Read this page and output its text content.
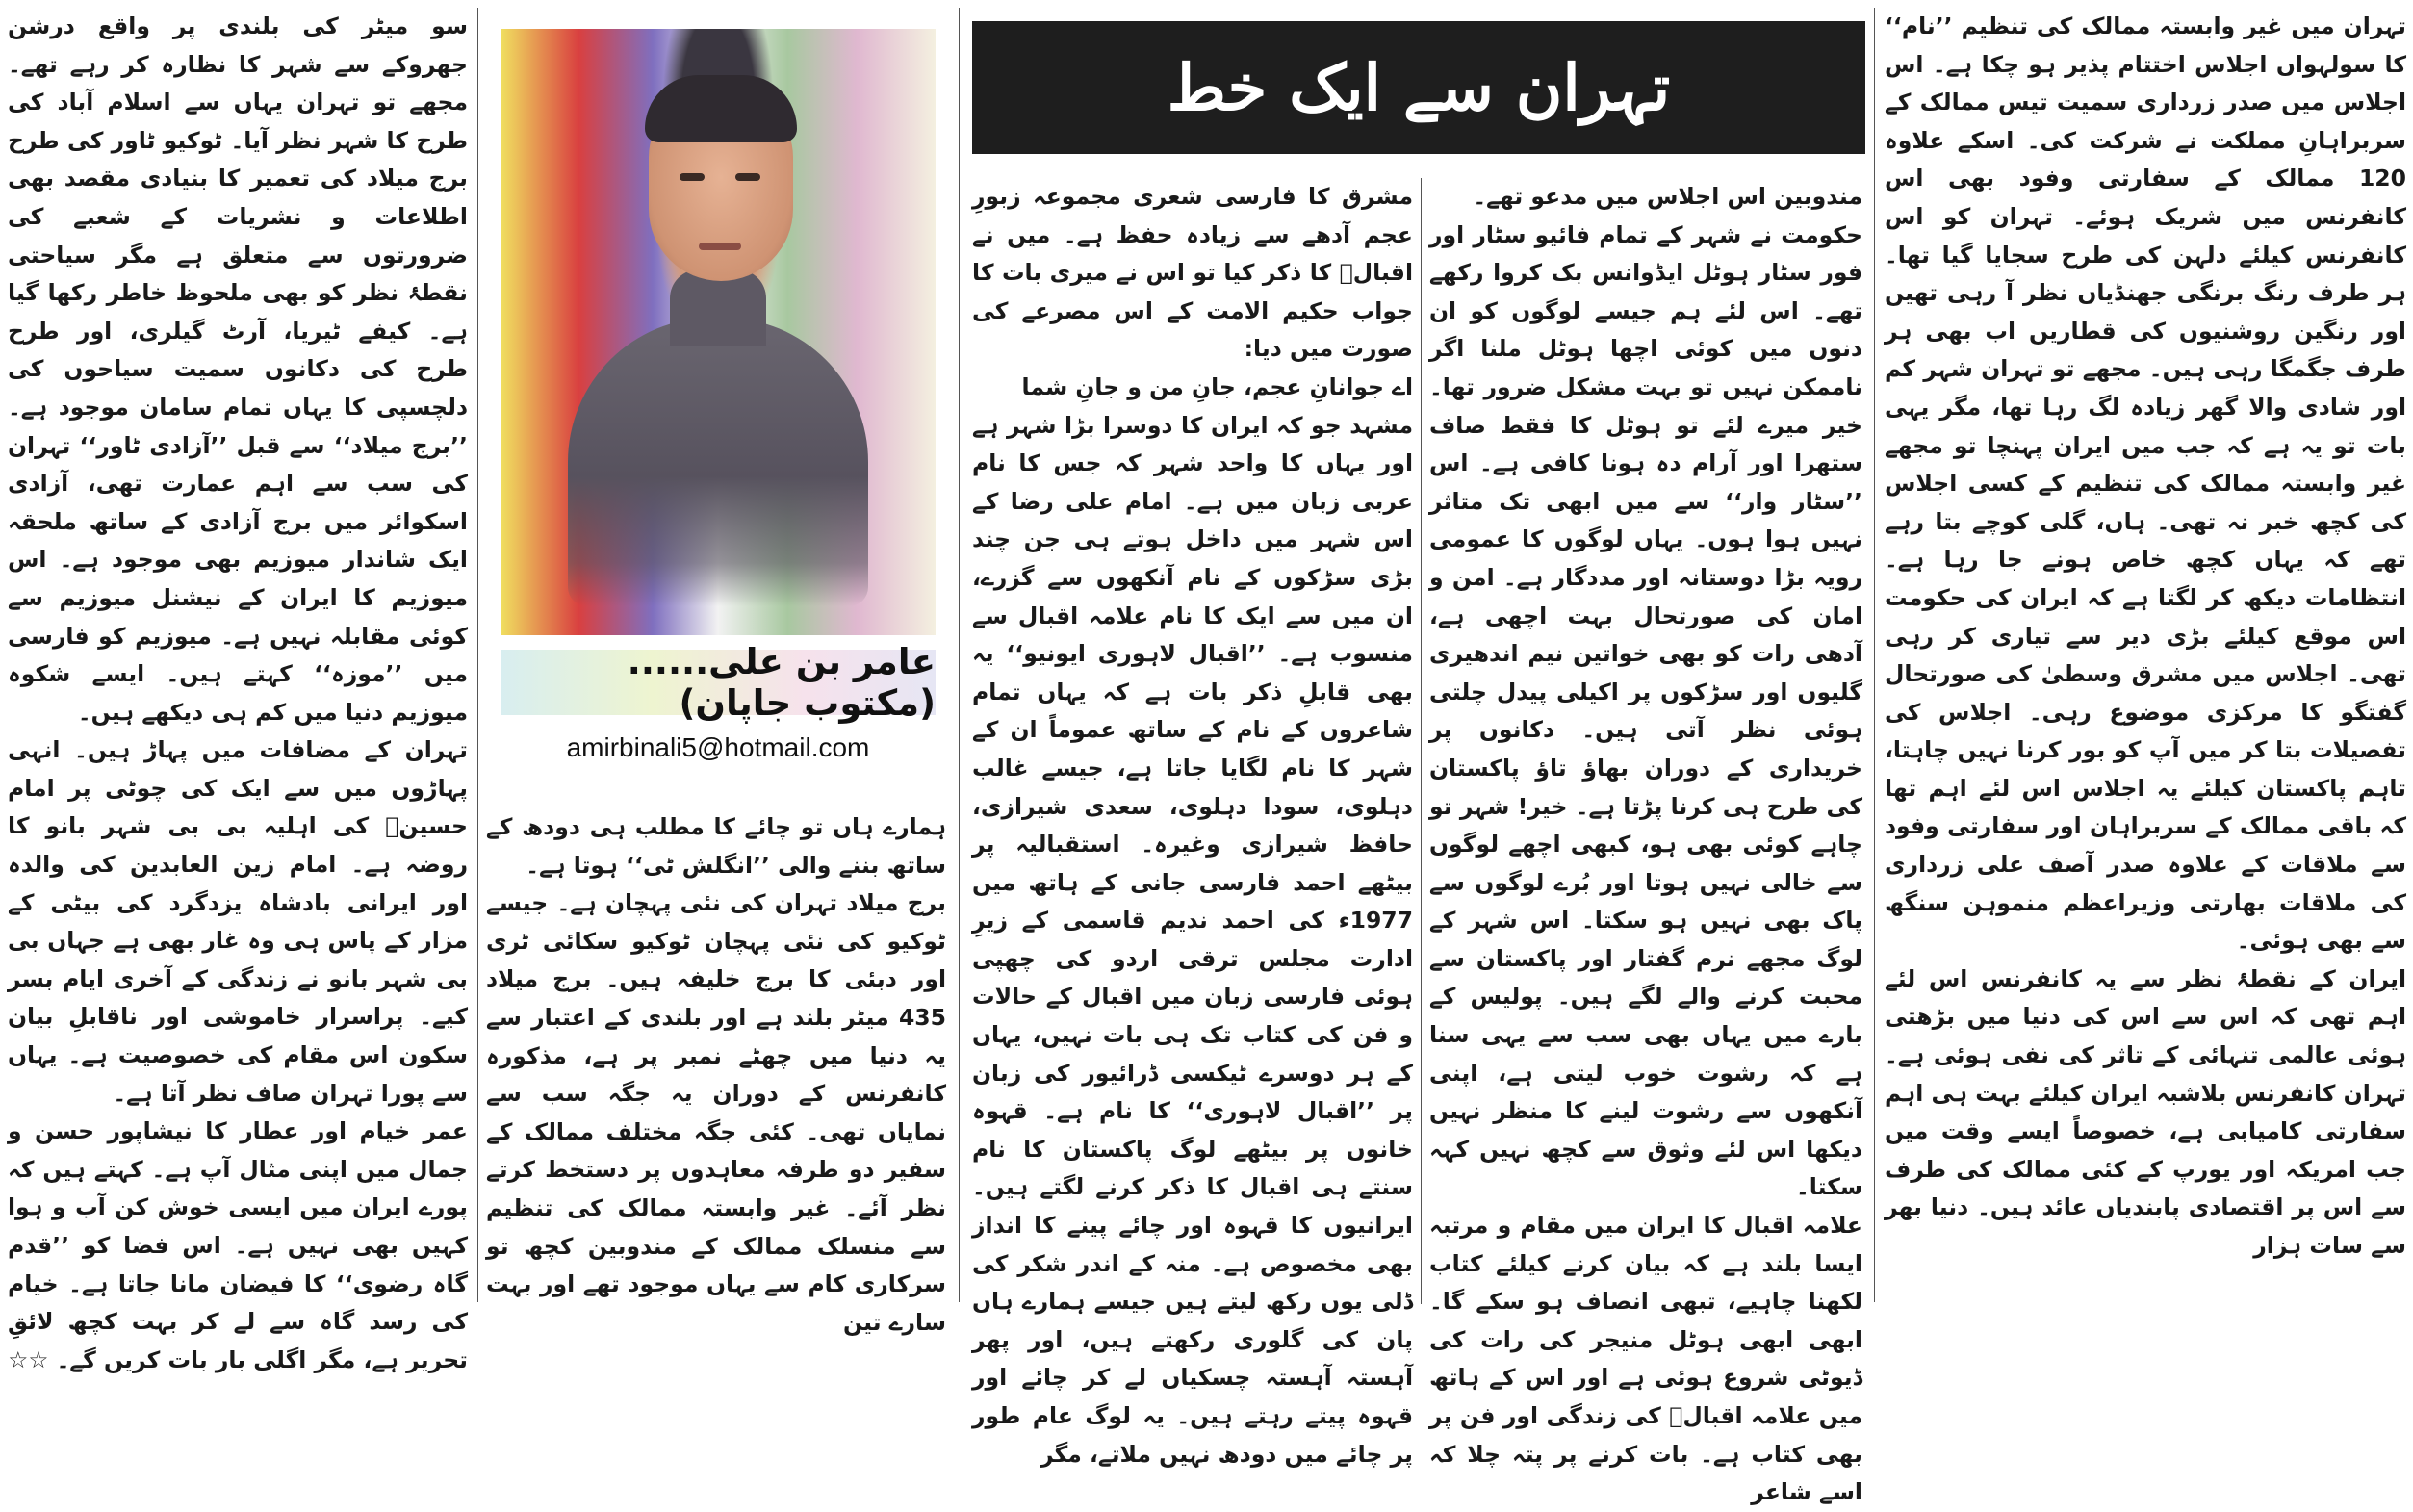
تہران میں غیر وابستہ ممالک کی تنظیم ’’نام‘‘ کا سولہواں اجلاس اختتام پذیر ہو چکا ہے۔ اس اجلاس میں صدر زرداری سمیت تیس ممالک کے سربراہانِ مملکت نے شرکت کی۔ اسکے علاوہ 120 ممالک کے سفارتی وفود بھی اس کانفرنس میں شریک ہوئے۔ تہران کو اس کانفرنس کیلئے دلہن کی طرح سجایا گیا تھا۔ ہر طرف رنگ برنگی جھنڈیاں نظر آ رہی تھیں اور رنگین روشنیوں کی قطاریں اب بھی ہر طرف جگمگا رہی ہیں۔ مجھے تو تہران شہر کم اور شادی والا گھر زیادہ لگ رہا تھا، مگر یہی بات تو یہ ہے کہ جب میں ایران پہنچا تو مجھے غیر وابستہ ممالک کی تنظیم کے کسی اجلاس کی کچھ خبر نہ تھی۔ ہاں، گلی کوچے بتا رہے تھے کہ یہاں کچھ خاص ہونے جا رہا ہے۔ انتظامات دیکھ کر لگتا ہے کہ ایران کی حکومت اس موقع کیلئے بڑی دیر سے تیاری کر رہی تھی۔ اجلاس میں مشرق وسطیٰ کی صورتحال گفتگو کا مرکزی موضوع رہی۔ اجلاس کی تفصیلات بتا کر میں آپ کو بور کرنا نہیں چاہتا، تاہم پاکستان کیلئے یہ اجلاس اس لئے اہم تھا کہ باقی ممالک کے سربراہان اور سفارتی وفود سے ملاقات کے علاوہ صدر آصف علی زرداری کی ملاقات بھارتی وزیراعظم منموہن سنگھ سے بھی ہوئی۔
ایران کے نقطۂ نظر سے یہ کانفرنس اس لئے اہم تھی کہ اس سے اس کی دنیا میں بڑھتی ہوئی عالمی تنہائی کے تاثر کی نفی ہوئی ہے۔ تہران کانفرنس بلاشبہ ایران کیلئے بہت ہی اہم سفارتی کامیابی ہے، خصوصاً ایسے وقت میں جب امریکہ اور یورپ کے کئی ممالک کی طرف سے اس پر اقتصادی پابندیاں عائد ہیں۔ دنیا بھر سے سات ہزار
تہران سے ایک خط
مندوبین اس اجلاس میں مدعو تھے۔
حکومت نے شہر کے تمام فائیو سٹار اور فور سٹار ہوٹل ایڈوانس بک کروا رکھے تھے۔ اس لئے ہم جیسے لوگوں کو ان دنوں میں کوئی اچھا ہوٹل ملنا اگر ناممکن نہیں تو بہت مشکل ضرور تھا۔ خیر میرے لئے تو ہوٹل کا فقط صاف ستھرا اور آرام دہ ہونا کافی ہے۔ اس ’’سٹار وار‘‘ سے میں ابھی تک متاثر نہیں ہوا ہوں۔ یہاں لوگوں کا عمومی رویہ بڑا دوستانہ اور مددگار ہے۔ امن و امان کی صورتحال بہت اچھی ہے، آدھی رات کو بھی خواتین نیم اندھیری گلیوں اور سڑکوں پر اکیلی پیدل چلتی ہوئی نظر آتی ہیں۔ دکانوں پر خریداری کے دوران بھاؤ تاؤ پاکستان کی طرح ہی کرنا پڑتا ہے۔ خیر! شہر تو چاہے کوئی بھی ہو، کبھی اچھے لوگوں سے خالی نہیں ہوتا اور بُرے لوگوں سے پاک بھی نہیں ہو سکتا۔ اس شہر کے لوگ مجھے نرم گفتار اور پاکستان سے محبت کرنے والے لگے ہیں۔ پولیس کے بارے میں یہاں بھی سب سے یہی سنا ہے کہ رشوت خوب لیتی ہے، اپنی آنکھوں سے رشوت لینے کا منظر نہیں دیکھا اس لئے وثوق سے کچھ نہیں کہہ سکتا۔
علامہ اقبال کا ایران میں مقام و مرتبہ ایسا بلند ہے کہ بیان کرنے کیلئے کتاب لکھنا چاہیے، تبھی انصاف ہو سکے گا۔ ابھی ابھی ہوٹل منیجر کی رات کی ڈیوٹی شروع ہوئی ہے اور اس کے ہاتھ میں علامہ اقبالؒ کی زندگی اور فن پر بھی کتاب ہے۔ بات کرنے پر پتہ چلا کہ اسے شاعر
مشرق کا فارسی شعری مجموعہ زبورِ عجم آدھے سے زیادہ حفظ ہے۔ میں نے اقبالؒ کا ذکر کیا تو اس نے میری بات کا جواب حکیم الامت کے اس مصرعے کی صورت میں دیا:
اے جوانانِ عجم، جانِ من و جانِ شما
مشہد جو کہ ایران کا دوسرا بڑا شہر ہے اور یہاں کا واحد شہر کہ جس کا نام عربی زبان میں ہے۔ امام علی رضا کے اس شہر میں داخل ہوتے ہی جن چند بڑی سڑکوں کے نام آنکھوں سے گزرے، ان میں سے ایک کا نام علامہ اقبال سے منسوب ہے۔ ’’اقبال لاہوری ایونیو‘‘ یہ بھی قابلِ ذکر بات ہے کہ یہاں تمام شاعروں کے نام کے ساتھ عموماً ان کے شہر کا نام لگایا جاتا ہے، جیسے غالب دہلوی، سودا دہلوی، سعدی شیرازی، حافظ شیرازی وغیرہ۔ استقبالیہ پر بیٹھے احمد فارسی جانی کے ہاتھ میں 1977ء کی احمد ندیم قاسمی کے زیرِ ادارت مجلس ترقی اردو کی چھپی ہوئی فارسی زبان میں اقبال کے حالات و فن کی کتاب تک ہی بات نہیں، یہاں کے ہر دوسرے ٹیکسی ڈرائیور کی زبان پر ’’اقبال لاہوری‘‘ کا نام ہے۔ قہوہ خانوں پر بیٹھے لوگ پاکستان کا نام سنتے ہی اقبال کا ذکر کرنے لگتے ہیں۔ ایرانیوں کا قہوہ اور چائے پینے کا انداز بھی مخصوص ہے۔ منہ کے اندر شکر کی ڈلی یوں رکھ لیتے ہیں جیسے ہمارے ہاں پان کی گلوری رکھتے ہیں، اور پھر آہستہ آہستہ چسکیاں لے کر چائے اور قہوہ پیتے رہتے ہیں۔ یہ لوگ عام طور پر چائے میں دودھ نہیں ملاتے، مگر
عامر بن علی......(مکتوب جاپان)
amirbinali5@hotmail.com
ہمارے ہاں تو چائے کا مطلب ہی دودھ کے ساتھ بننے والی ’’انگلش ٹی‘‘ ہوتا ہے۔
برج میلاد تہران کی نئی پہچان ہے۔ جیسے ٹوکیو کی نئی پہچان ٹوکیو سکائی ٹری اور دبئی کا برج خلیفہ ہیں۔ برج میلاد 435 میٹر بلند ہے اور بلندی کے اعتبار سے یہ دنیا میں چھٹے نمبر پر ہے، مذکورہ کانفرنس کے دوران یہ جگہ سب سے نمایاں تھی۔ کئی جگہ مختلف ممالک کے سفیر دو طرفہ معاہدوں پر دستخط کرتے نظر آئے۔ غیر وابستہ ممالک کی تنظیم سے منسلک ممالک کے مندوبین کچھ تو سرکاری کام سے یہاں موجود تھے اور بہت سارے تین
سو میٹر کی بلندی پر واقع درشن جھروکے سے شہر کا نظارہ کر رہے تھے۔ مجھے تو تہران یہاں سے اسلام آباد کی طرح کا شہر نظر آیا۔ ٹوکیو ٹاور کی طرح برج میلاد کی تعمیر کا بنیادی مقصد بھی اطلاعات و نشریات کے شعبے کی ضرورتوں سے متعلق ہے مگر سیاحتی نقطۂ نظر کو بھی ملحوظ خاطر رکھا گیا ہے۔ کیفے ٹیریا، آرٹ گیلری، اور طرح طرح کی دکانوں سمیت سیاحوں کی دلچسپی کا یہاں تمام سامان موجود ہے۔ ’’برج میلاد‘‘ سے قبل ’’آزادی ٹاور‘‘ تہران کی سب سے اہم عمارت تھی، آزادی اسکوائر میں برج آزادی کے ساتھ ملحقہ ایک شاندار میوزیم بھی موجود ہے۔ اس میوزیم کا ایران کے نیشنل میوزیم سے کوئی مقابلہ نہیں ہے۔ میوزیم کو فارسی میں ’’موزہ‘‘ کہتے ہیں۔ ایسے شکوہ میوزیم دنیا میں کم ہی دیکھے ہیں۔
تہران کے مضافات میں پہاڑ ہیں۔ انہی پہاڑوں میں سے ایک کی چوٹی پر امام حسینؓ کی اہلیہ بی بی شہر بانو کا روضہ ہے۔ امام زین العابدین کی والدہ اور ایرانی بادشاہ یزدگرد کی بیٹی کے مزار کے پاس ہی وہ غار بھی ہے جہاں بی بی شہر بانو نے زندگی کے آخری ایام بسر کیے۔ پراسرار خاموشی اور ناقابلِ بیان سکون اس مقام کی خصوصیت ہے۔ یہاں سے پورا تہران صاف نظر آتا ہے۔
عمر خیام اور عطار کا نیشاپور حسن و جمال میں اپنی مثال آپ ہے۔ کہتے ہیں کہ پورے ایران میں ایسی خوش کن آب و ہوا کہیں بھی نہیں ہے۔ اس فضا کو ’’قدم گاہ رضوی‘‘ کا فیضان مانا جاتا ہے۔ خیام کی رسد گاہ سے لے کر بہت کچھ لائقِ تحریر ہے، مگر اگلی بار بات کریں گے۔ ☆☆
